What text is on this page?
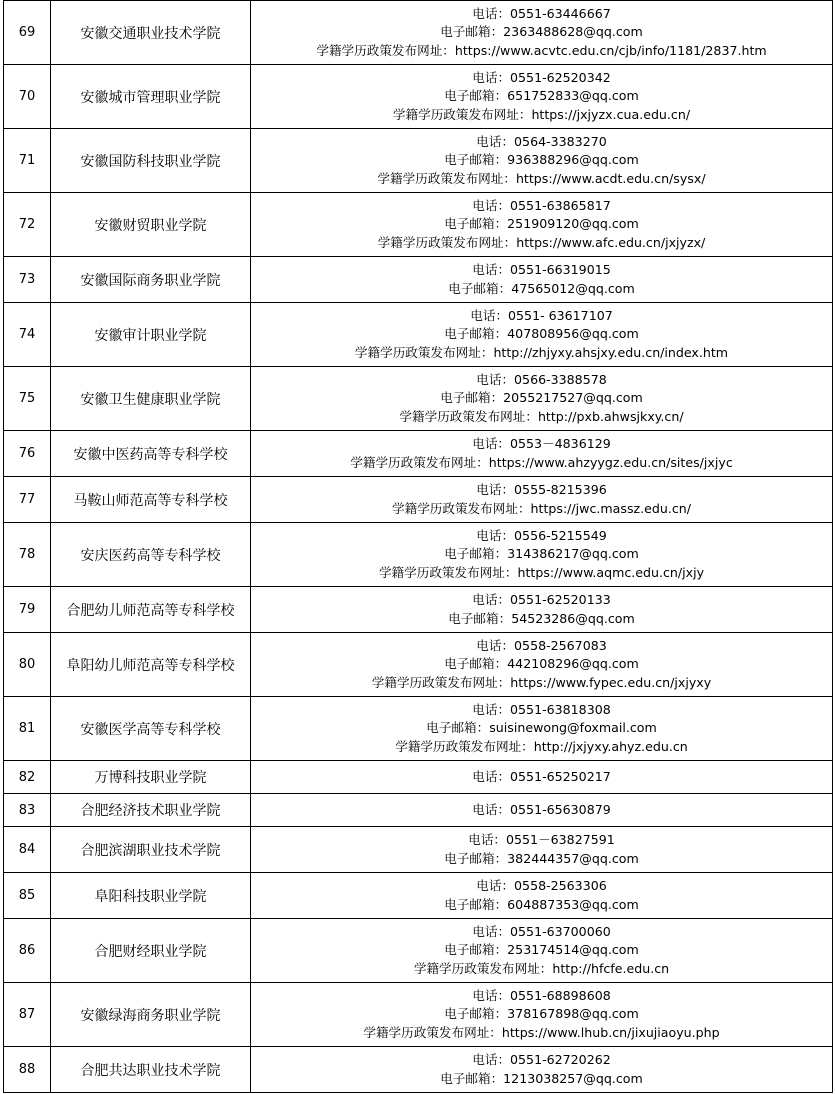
69	安徽交通职业技术学院	电话：0551-63446667
电子邮箱：2363488628@qq.com
学籍学历政策发布网址：https://www.acvtc.edu.cn/cjb/info/1181/2837.htm

70	安徽城市管理职业学院	电话：0551-62520342
电子邮箱：651752833@qq.com
学籍学历政策发布网址：https://jxjyzx.cua.edu.cn/

71	安徽国防科技职业学院	电话：0564-3383270
电子邮箱：936388296@qq.com
学籍学历政策发布网址：https://www.acdt.edu.cn/sysx/

72	安徽财贸职业学院	电话：0551-63865817
电子邮箱：251909120@qq.com
学籍学历政策发布网址：https://www.afc.edu.cn/jxjyzx/

73	安徽国际商务职业学院	电话：0551-66319015
电子邮箱：47565012@qq.com

74	安徽审计职业学院	电话：0551- 63617107
电子邮箱：407808956@qq.com
学籍学历政策发布网址：http://zhjyxy.ahsjxy.edu.cn/index.htm

75	安徽卫生健康职业学院	电话：0566-3388578
电子邮箱：2055217527@qq.com
学籍学历政策发布网址：http://pxb.ahwsjkxy.cn/

76	安徽中医药高等专科学校	电话：0553－4836129
学籍学历政策发布网址：https://www.ahzyygz.edu.cn/sites/jxjyc

77	马鞍山师范高等专科学校	电话：0555-8215396
学籍学历政策发布网址：https://jwc.massz.edu.cn/

78	安庆医药高等专科学校	电话：0556-5215549
电子邮箱：314386217@qq.com
学籍学历政策发布网址：https://www.aqmc.edu.cn/jxjy

79	合肥幼儿师范高等专科学校	电话：0551-62520133
电子邮箱：54523286@qq.com

80	阜阳幼儿师范高等专科学校	电话：0558-2567083
电子邮箱：442108296@qq.com
学籍学历政策发布网址：https://www.fypec.edu.cn/jxjyxy

81	安徽医学高等专科学校	电话：0551-63818308
电子邮箱：suisinewong@foxmail.com
学籍学历政策发布网址：http://jxjyxy.ahyz.edu.cn

82	万博科技职业学院	电话：0551-65250217

83	合肥经济技术职业学院	电话：0551-65630879

84	合肥滨湖职业技术学院	电话：0551－63827591
电子邮箱：382444357@qq.com

85	阜阳科技职业学院	电话：0558-2563306
电子邮箱：604887353@qq.com

86	合肥财经职业学院	电话：0551-63700060
电子邮箱：253174514@qq.com
学籍学历政策发布网址：http://hfcfe.edu.cn

87	安徽绿海商务职业学院	电话：0551-68898608
电子邮箱：378167898@qq.com
学籍学历政策发布网址：https://www.lhub.cn/jixujiaoyu.php

88	合肥共达职业技术学院	电话：0551-62720262
电子邮箱：1213038257@qq.com
